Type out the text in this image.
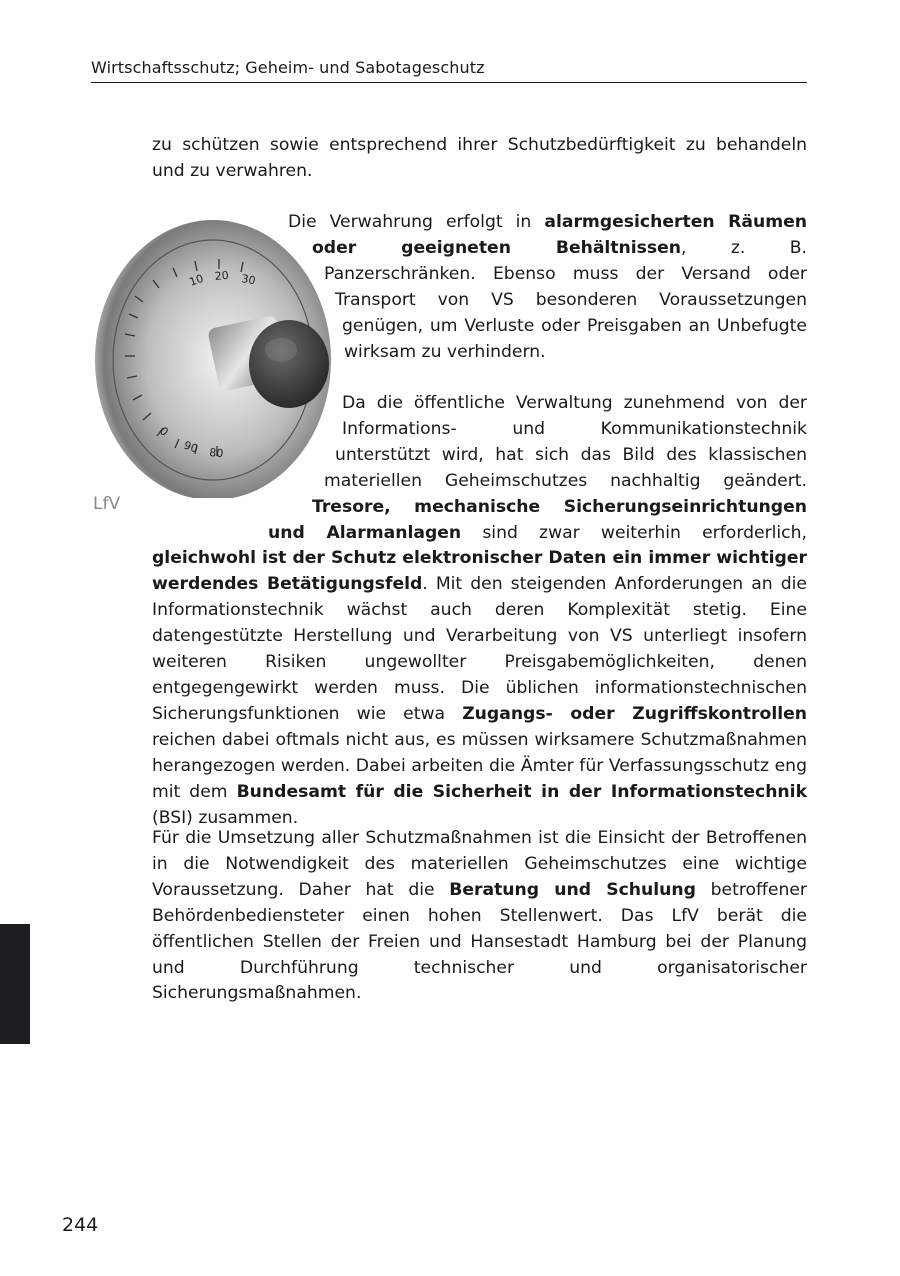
Wirtschaftsschutz; Geheim- und Sabotageschutz
10 20 30
0
90 80
LfV

zu schützen sowie entsprechend ihrer Schutzbedürftigkeit zu behandeln und zu verwahren.

Die Verwahrung erfolgt in alarmgesicherten Räumen oder geeigneten Behältnissen, z. B. Panzerschränken. Ebenso muss der Versand oder Transport von VS besonderen Voraussetzungen genügen, um Verluste oder Preisgaben an Unbefugte wirksam zu verhindern.
Da die öffentliche Verwaltung zunehmend von der Informations- und Kommunikationstechnik unterstützt wird, hat sich das Bild des klassischen materiellen Geheimschutzes nachhaltig geändert. Tresore, mechanische Sicherungseinrichtungen und Alarmanlagen sind zwar weiterhin erforderlich, gleichwohl ist der Schutz elektronischer Daten ein immer wichtiger werdendes Betätigungsfeld. Mit den steigenden Anforderungen an die Informationstechnik wächst auch deren Komplexität stetig. Eine datengestützte Herstellung und Verarbeitung von VS unterliegt insofern weiteren Risiken ungewollter Preisgabemöglichkeiten, denen entgegengewirkt werden muss. Die üblichen informationstechnischen Sicherungsfunktionen wie etwa Zugangs- oder Zugriffskontrollen reichen dabei oftmals nicht aus, es müssen wirksamere Schutzmaßnahmen herangezogen werden. Dabei arbeiten die Ämter für Verfassungsschutz eng mit dem Bundesamt für die Sicherheit in der Informationstechnik (BSI) zusammen.

Für die Umsetzung aller Schutzmaßnahmen ist die Einsicht der Betroffenen in die Notwendigkeit des materiellen Geheimschutzes eine wichtige Voraussetzung. Daher hat die Beratung und Schulung betroffener Behördenbediensteter einen hohen Stellenwert. Das LfV berät die öffentlichen Stellen der Freien und Hansestadt Hamburg bei der Planung und Durchführung technischer und organisatorischer Sicherungsmaßnahmen.

244
